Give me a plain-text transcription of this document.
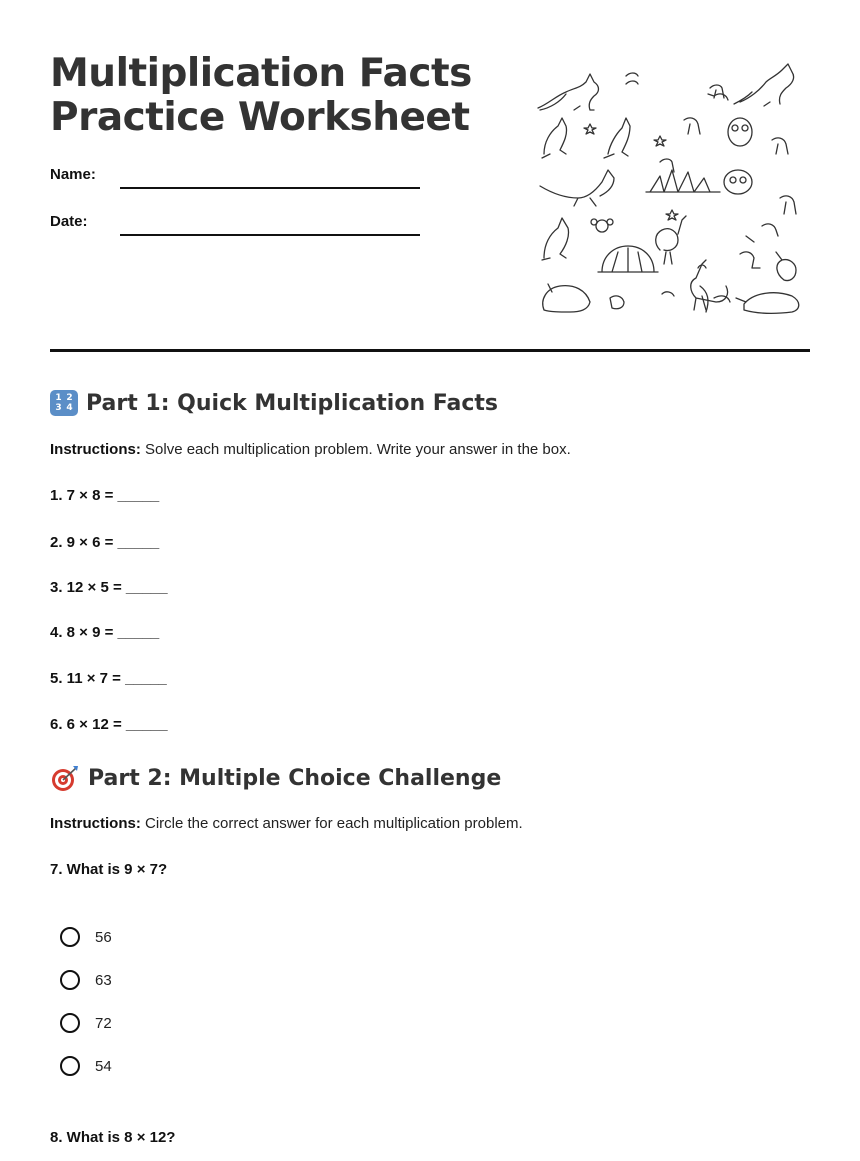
Multiplication Facts
Practice Worksheet
Name:
Date:
1 2
3 4 Part 1: Quick Multiplication Facts
Instructions: Solve each multiplication problem. Write your answer in the box.
1. 7 × 8 = _____
2. 9 × 6 = _____
3. 12 × 5 = _____
4. 8 × 9 = _____
5. 11 × 7 = _____
6. 6 × 12 = _____
Part 2: Multiple Choice Challenge
Instructions: Circle the correct answer for each multiplication problem.
7. What is 9 × 7?
56
63
72
54
8. What is 8 × 12?
